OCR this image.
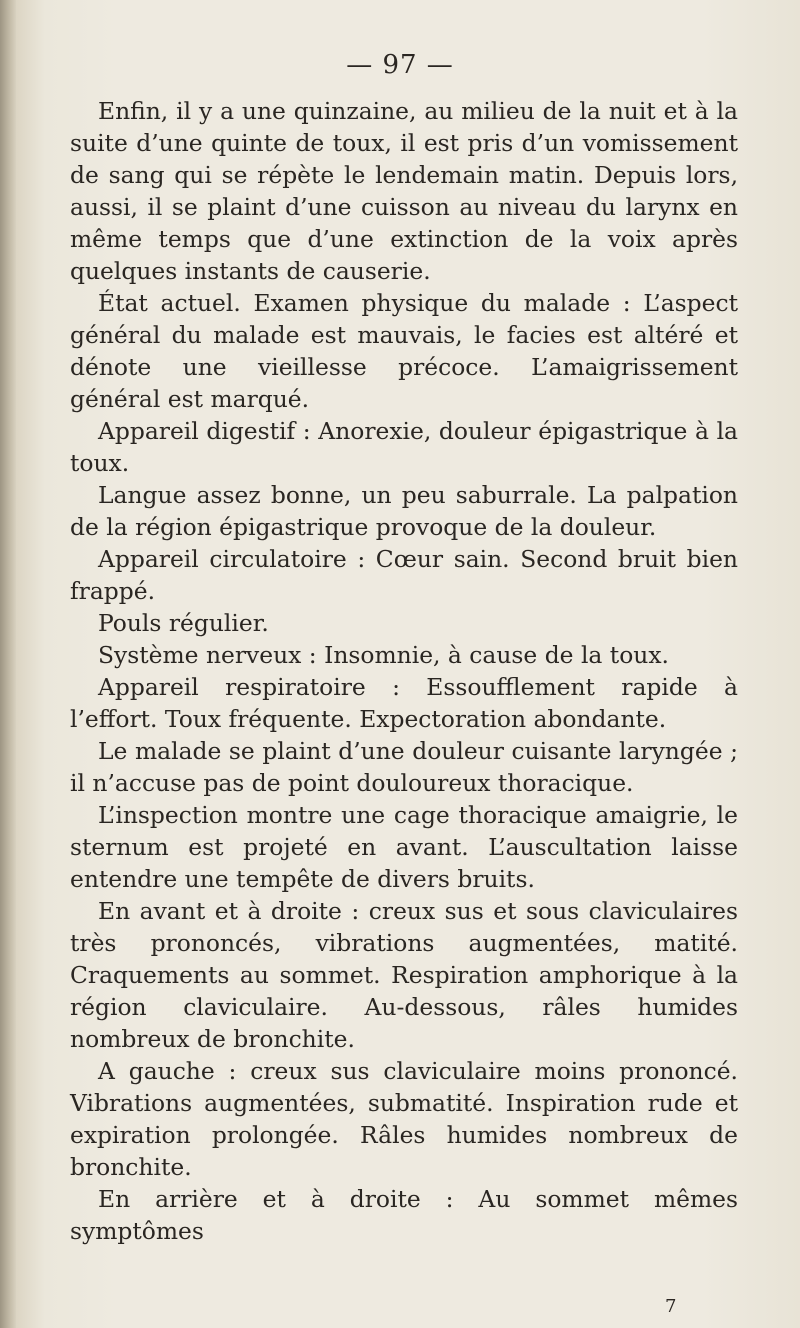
— 97 —

Enfin, il y a une quinzaine, au milieu de la nuit et à la suite d’une quinte de toux, il est pris d’un vomissement de sang qui se répète le lendemain matin. Depuis lors, aussi, il se plaint d’une cuisson au niveau du larynx en même temps que d’une extinction de la voix après quelques instants de causerie.

État actuel. Examen physique du malade : L’aspect général du malade est mauvais, le facies est altéré et dénote une vieillesse précoce. L’amaigrissement général est marqué.

Appareil digestif : Anorexie, douleur épigastrique à la toux.

Langue assez bonne, un peu saburrale. La palpation de la région épigastrique provoque de la douleur.

Appareil circulatoire : Cœur sain. Second bruit bien frappé.

Pouls régulier.

Système nerveux : Insomnie, à cause de la toux.

Appareil respiratoire : Essoufflement rapide à l’effort. Toux fréquente. Expectoration abondante.

Le malade se plaint d’une douleur cuisante laryngée ; il n’accuse pas de point douloureux thoracique.

L’inspection montre une cage thoracique amaigrie, le sternum est projeté en avant. L’auscultation laisse entendre une tempête de divers bruits.

En avant et à droite : creux sus et sous claviculaires très prononcés, vibrations augmentées, matité. Craquements au sommet. Respiration amphorique à la région claviculaire. Au-dessous, râles humides nombreux de bronchite.

A gauche : creux sus claviculaire moins prononcé. Vibrations augmentées, submatité. Inspiration rude et expiration prolongée. Râles humides nombreux de bronchite.

En arrière et à droite : Au sommet mêmes symptômes

7
